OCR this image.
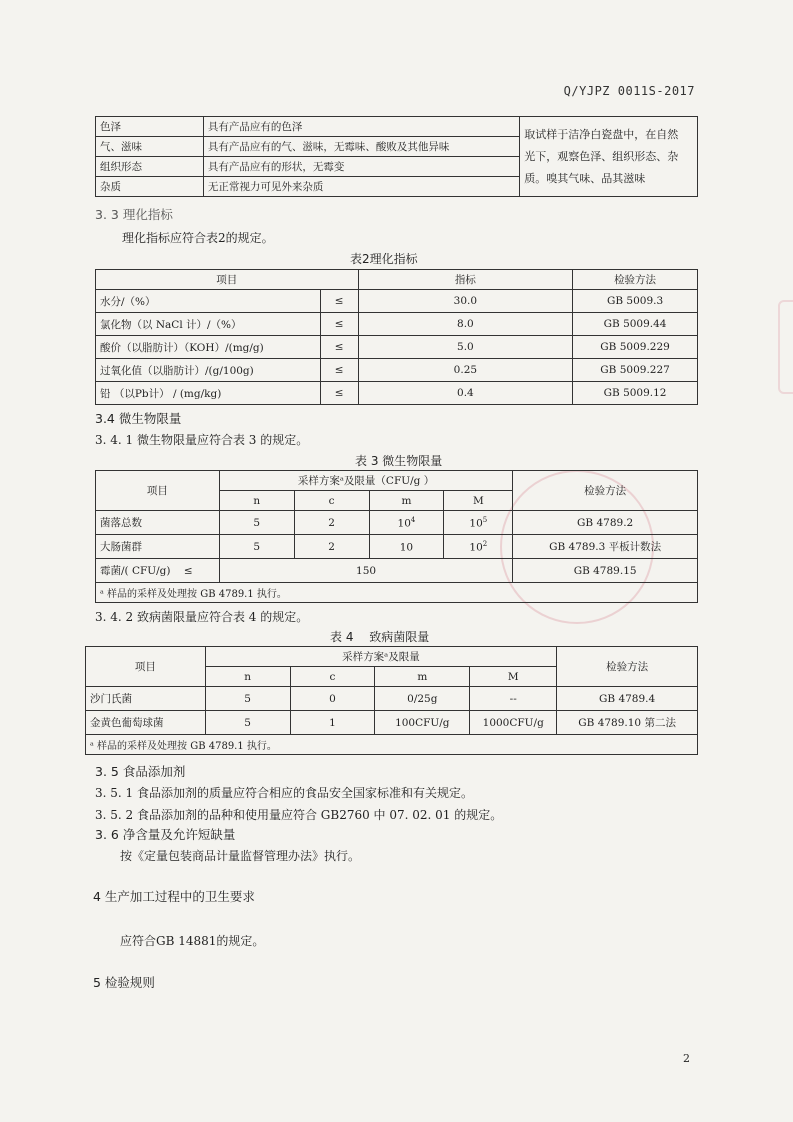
Q/YJPZ 0011S-2017
色泽	具有产品应有的色泽	取试样于洁净白瓷盘中，在自然
光下，观察色泽、组织形态、杂
质。嗅其气味、品其滋味

气、滋味	具有产品应有的气、滋味，无霉味、酸败及其他异味	
组织形态	具有产品应有的形状，无霉变	
杂质	无正常视力可见外来杂质	
3. 3 理化指标
理化指标应符合表2的规定。
表2理化指标
项目		指标	检验方法
水分/（%）	≤	30.0	GB 5009.3
氯化物（以 NaCl 计）/（%）	≤	8.0	GB 5009.44
酸价（以脂肪计）（KOH）/(mg/g)	≤	5.0	GB 5009.229
过氧化值（以脂肪计）/(g/100g)	≤	0.25	GB 5009.227
铅 （以Pb计） / (mg/kg)	≤	0.4	GB 5009.12
3.4 微生物限量
3. 4. 1 微生物限量应符合表 3 的规定。
表 3 微生物限量
项目	采样方案ᵃ及限量（CFU/g ）				检验方法
	n	c	m	M	
菌落总数	5	2	$10^4$	$10^5$	GB 4789.2
大肠菌群	5	2	10	$10^2$	GB 4789.3 平板计数法
霉菌/( CFU/g) ≤	150				GB 4789.15
ᵃ 样品的采样及处理按 GB 4789.1 执行。					
3. 4. 2 致病菌限量应符合表 4 的规定。
表 4 　致病菌限量
项目	采样方案ᵃ及限量				检验方法
	n	c	m	M	
沙门氏菌	5	0	0/25g	--	GB 4789.4
金黄色葡萄球菌	5	1	100CFU/g	1000CFU/g	GB 4789.10 第二法
ᵃ 样品的采样及处理按 GB 4789.1 执行。					
3. 5 食品添加剂
3. 5. 1 食品添加剂的质量应符合相应的食品安全国家标准和有关规定。
3. 5. 2 食品添加剂的品种和使用量应符合 GB2760 中 07. 02. 01 的规定。
3. 6 净含量及允许短缺量
按《定量包装商品计量监督管理办法》执行。
4 生产加工过程中的卫生要求
应符合GB 14881的规定。
5 检验规则
2
